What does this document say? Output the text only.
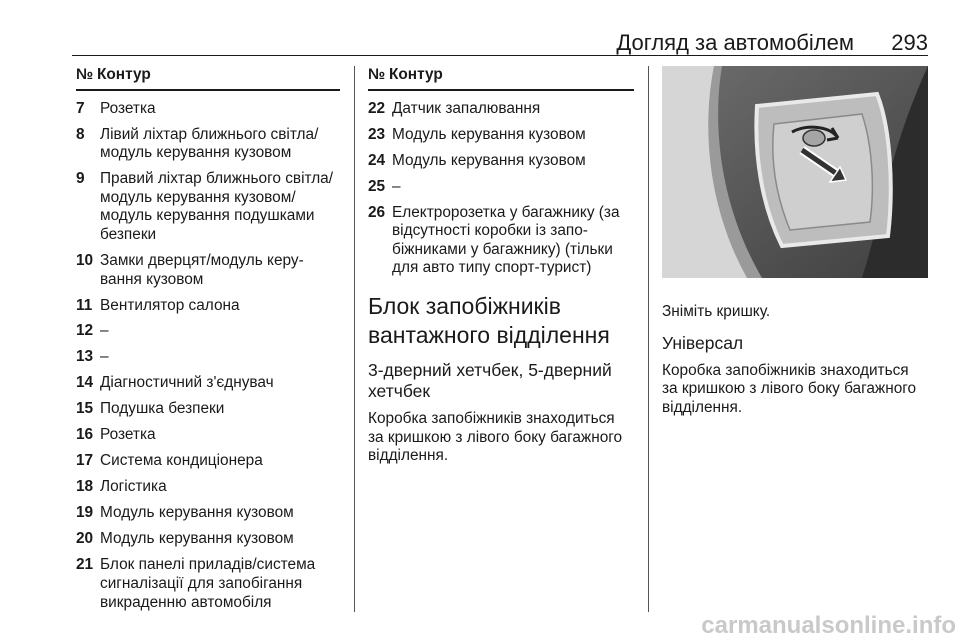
Догляд за автомобілем 293
№ Контур
7	Розетка
8	Лівий ліхтар ближнього світла/модуль керування кузовом
9	Правий ліхтар ближнього світла/модуль керування кузовом/модуль керування подушками безпеки
10 Замки дверцят/модуль керу-вання кузовом
11 Вентилятор салона
12 –
13 –
14 Діагностичний з'єднувач
15 Подушка безпеки
16 Розетка
17 Система кондиціонера
18 Логістика
19 Модуль керування кузовом
20 Модуль керування кузовом
21 Блок панелі приладів/система сигналізації для запобігання викраденню автомобіля
№ Контур
22 Датчик запалювання
23 Модуль керування кузовом
24 Модуль керування кузовом
25 –
26 Електророзетка у багажнику (за відсутності коробки із запо-біжниками у багажнику) (тільки для авто типу спорт-турист)
Блок запобіжників вантажного відділення
3-дверний хетчбек, 5-дверний хетчбек

Коробка запобіжників знаходиться за кришкою з лівого боку багажного відділення.

Зніміть кришку.

Універсал

Коробка запобіжників знаходиться за кришкою з лівого боку багажного відділення.

carmanualsonline.info
